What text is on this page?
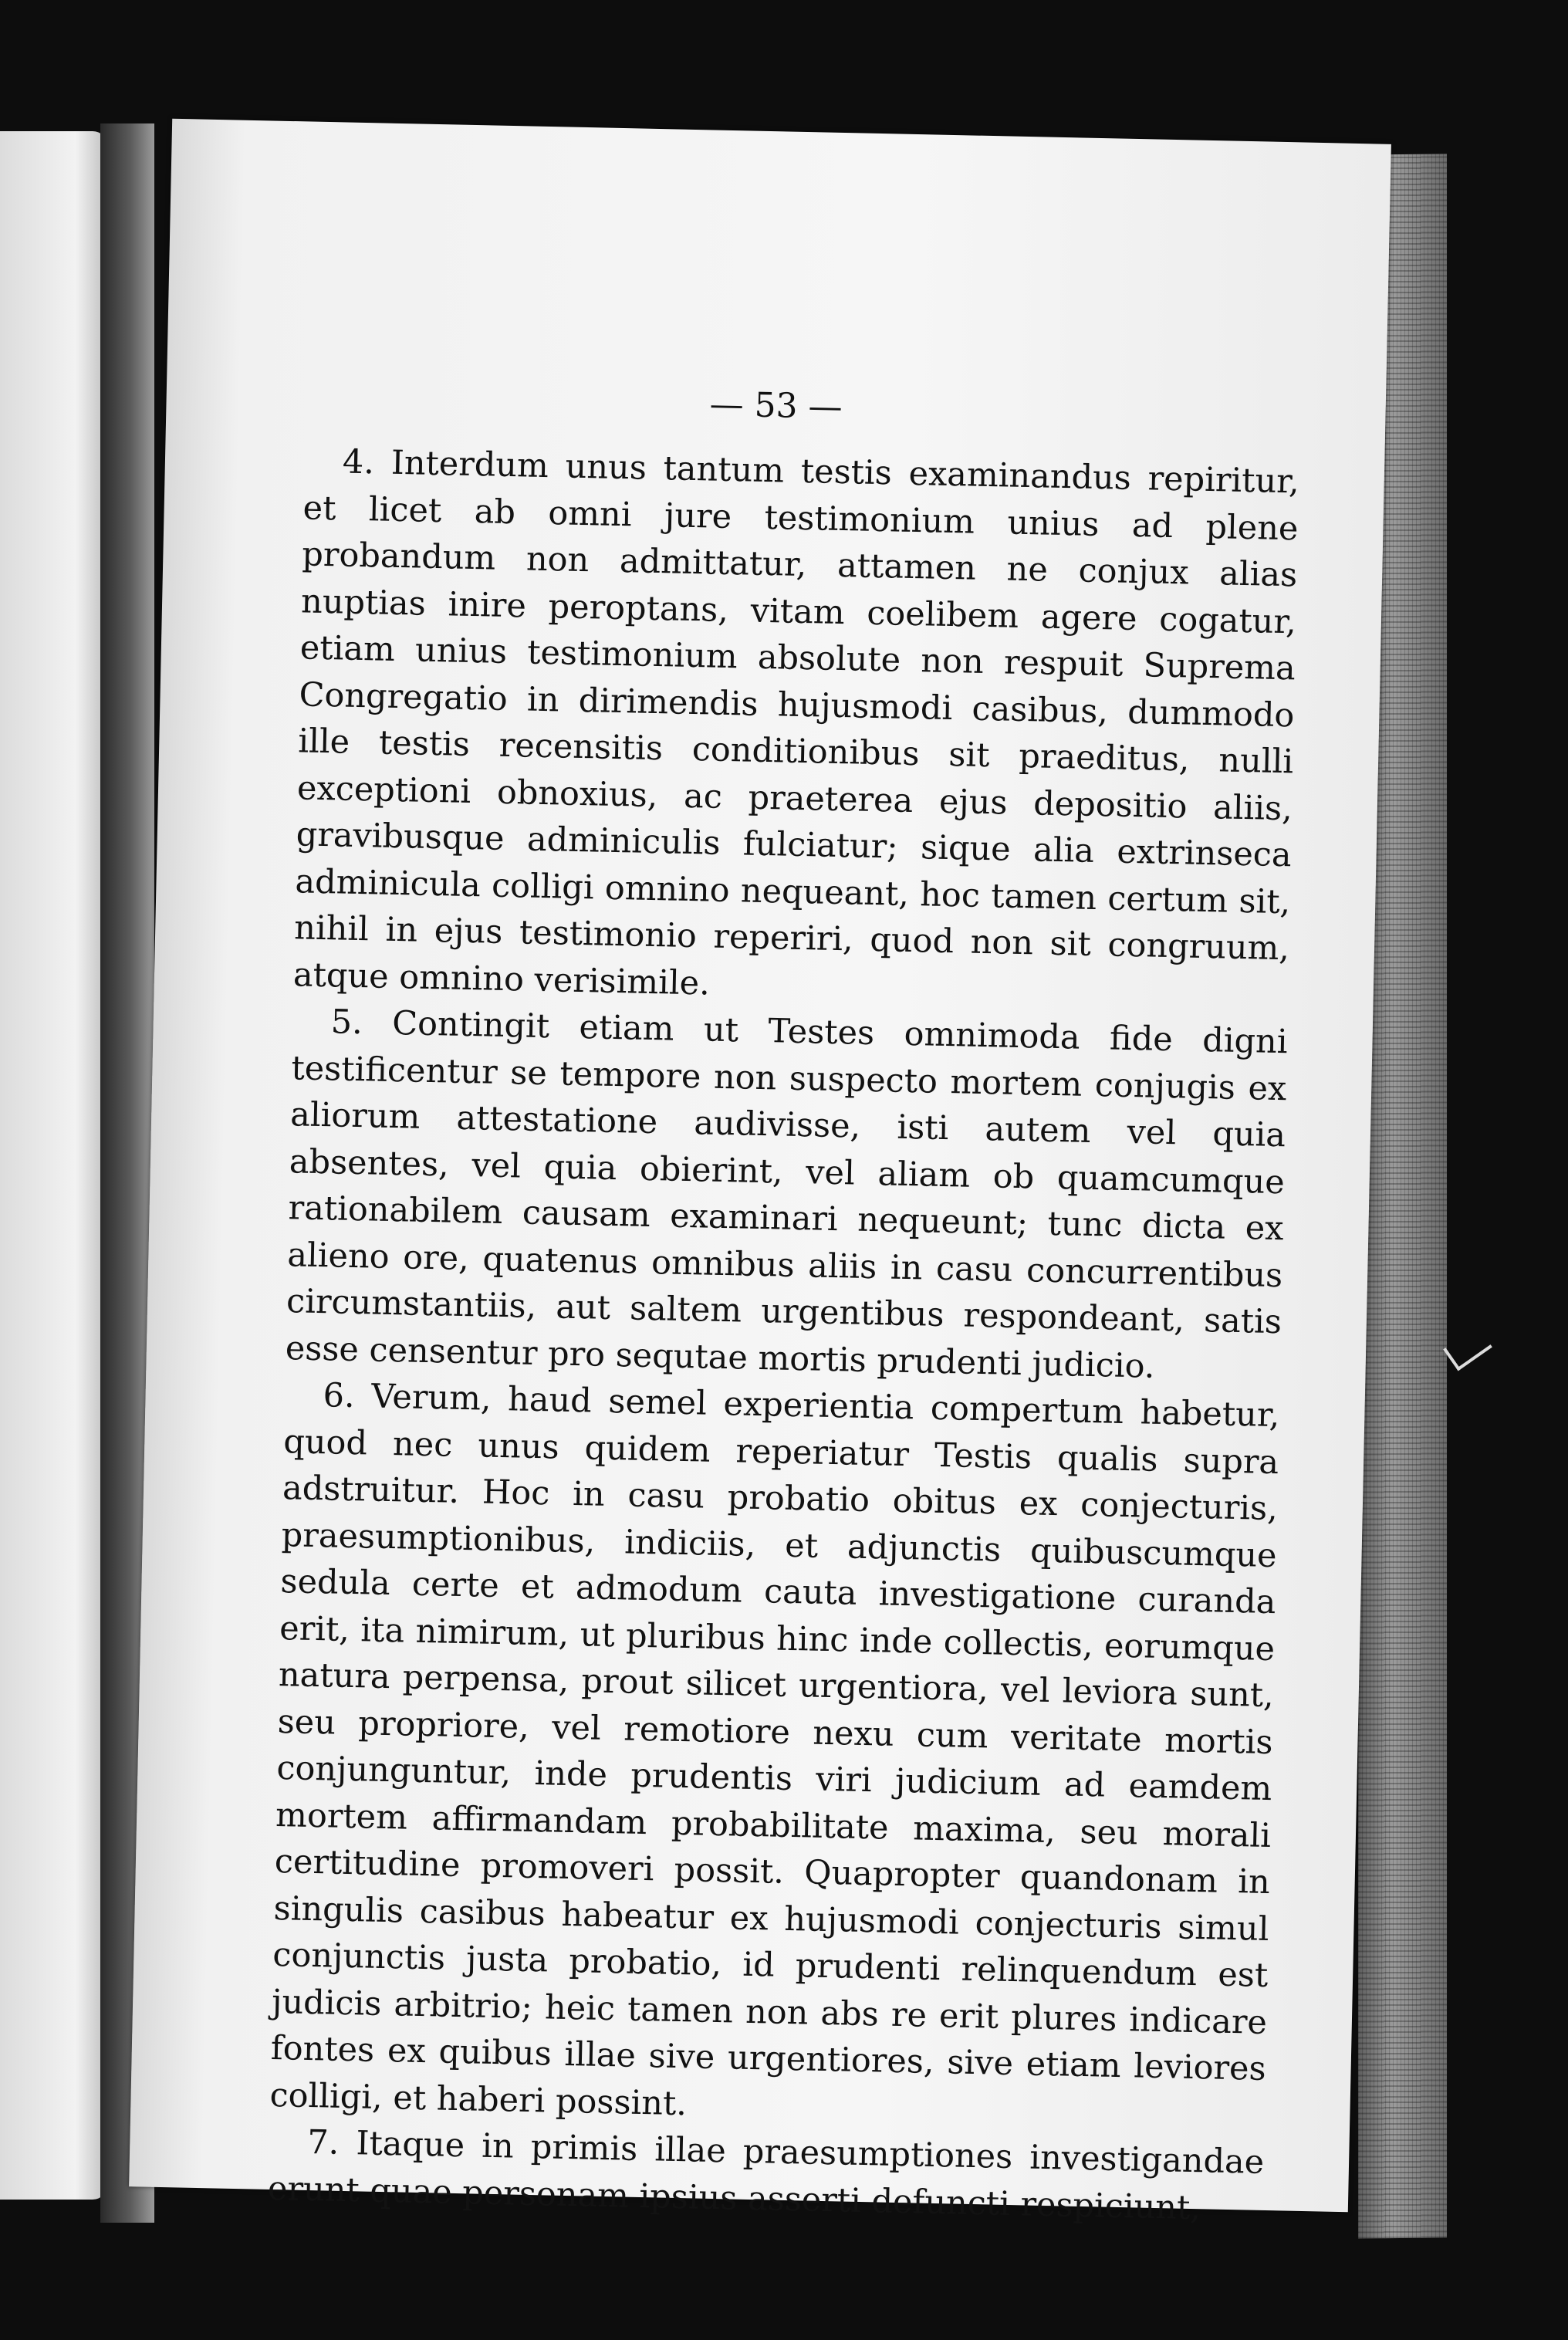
— 53 —

4. Interdum unus tantum testis examinandus repiritur, et licet ab omni jure testimonium unius ad plene probandum non admittatur, attamen ne conjux alias nuptias inire peroptans, vitam coelibem agere cogatur, etiam unius testimonium absolute non respuit Suprema Congregatio in dirimendis hujusmodi casibus, dummodo ille testis recensitis conditionibus sit praeditus, nulli exceptioni obnoxius, ac praeterea ejus depositio aliis, gravibusque adminiculis fulciatur; sique alia extrinseca adminicula colligi omnino nequeant, hoc tamen certum sit, nihil in ejus testimonio reperiri, quod non sit congruum, atque omnino verisimile.

5. Contingit etiam ut Testes omnimoda fide digni testificentur se tempore non suspecto mortem conjugis ex aliorum attestatione audivisse, isti autem vel quia absentes, vel quia obierint, vel aliam ob quamcumque rationabilem causam examinari nequeunt; tunc dicta ex alieno ore, quatenus omnibus aliis in casu concurrentibus circumstantiis, aut saltem urgentibus respondeant, satis esse censentur pro sequtae mortis prudenti judicio.

6. Verum, haud semel experientia compertum habetur, quod nec unus quidem reperiatur Testis qualis supra adstruitur. Hoc in casu probatio obitus ex conjecturis, praesumptionibus, indiciis, et adjunctis quibuscumque sedula certe et admodum cauta investigatione curanda erit, ita nimirum, ut pluribus hinc inde collectis, eorumque natura perpensa, prout silicet urgentiora, vel leviora sunt, seu propriore, vel remotiore nexu cum veritate mortis conjunguntur, inde prudentis viri judicium ad eamdem mortem affirmandam probabilitate maxima, seu morali certitudine promoveri possit. Quapropter quandonam in singulis casibus habeatur ex hujusmodi conjecturis simul conjunctis justa probatio, id prudenti relinquendum est judicis arbitrio; heic tamen non abs re erit plures indicare fontes ex quibus illae sive urgentiores, sive etiam leviores colligi, et haberi possint.

7. Itaque in primis illae praesumptiones investigandae erunt quae personam ipsius asserti defuncti respiciunt,
